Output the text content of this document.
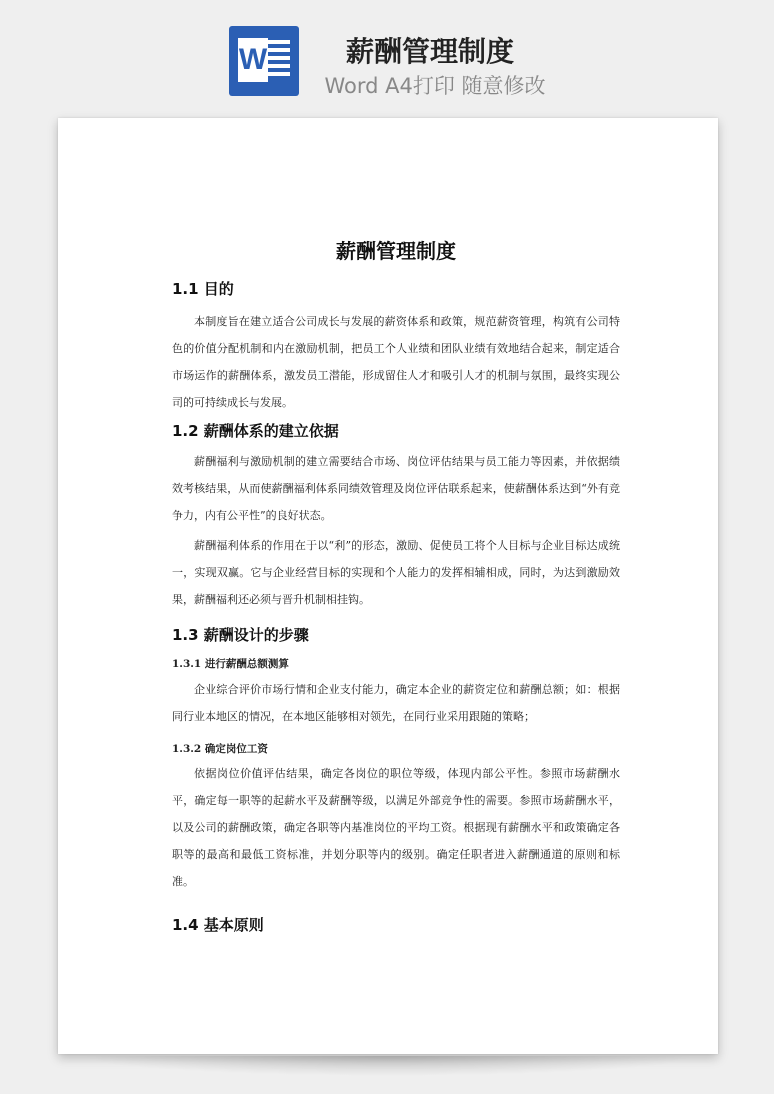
W	薪酬管理制度
Word A4打印 随意修改
薪酬管理制度
1.1 目的

本制度旨在建立适合公司成长与发展的薪资体系和政策，规范薪资管理，构筑有公司特色的价值分配机制和内在激励机制，把员工个人业绩和团队业绩有效地结合起来，制定适合市场运作的薪酬体系，激发员工潜能，形成留住人才和吸引人才的机制与氛围，最终实现公司的可持续成长与发展。

1.2 薪酬体系的建立依据

薪酬福利与激励机制的建立需要结合市场、岗位评估结果与员工能力等因素，并依据绩效考核结果，从而使薪酬福利体系同绩效管理及岗位评估联系起来，使薪酬体系达到“外有竞争力，内有公平性”的良好状态。

薪酬福利体系的作用在于以“利”的形态，激励、促使员工将个人目标与企业目标达成统一，实现双赢。它与企业经营目标的实现和个人能力的发挥相辅相成，同时，为达到激励效果，薪酬福利还必须与晋升机制相挂钩。

1.3 薪酬设计的步骤
1.3.1 进行薪酬总额测算

企业综合评价市场行情和企业支付能力，确定本企业的薪资定位和薪酬总额；如：根据同行业本地区的情况，在本地区能够相对领先，在同行业采用跟随的策略；

1.3.2 确定岗位工资

依据岗位价值评估结果，确定各岗位的职位等级，体现内部公平性。参照市场薪酬水平，确定每一职等的起薪水平及薪酬等级，以满足外部竞争性的需要。参照市场薪酬水平，以及公司的薪酬政策，确定各职等内基准岗位的平均工资。根据现有薪酬水平和政策确定各职等的最高和最低工资标准，并划分职等内的级别。确定任职者进入薪酬通道的原则和标准。

1.4 基本原则
